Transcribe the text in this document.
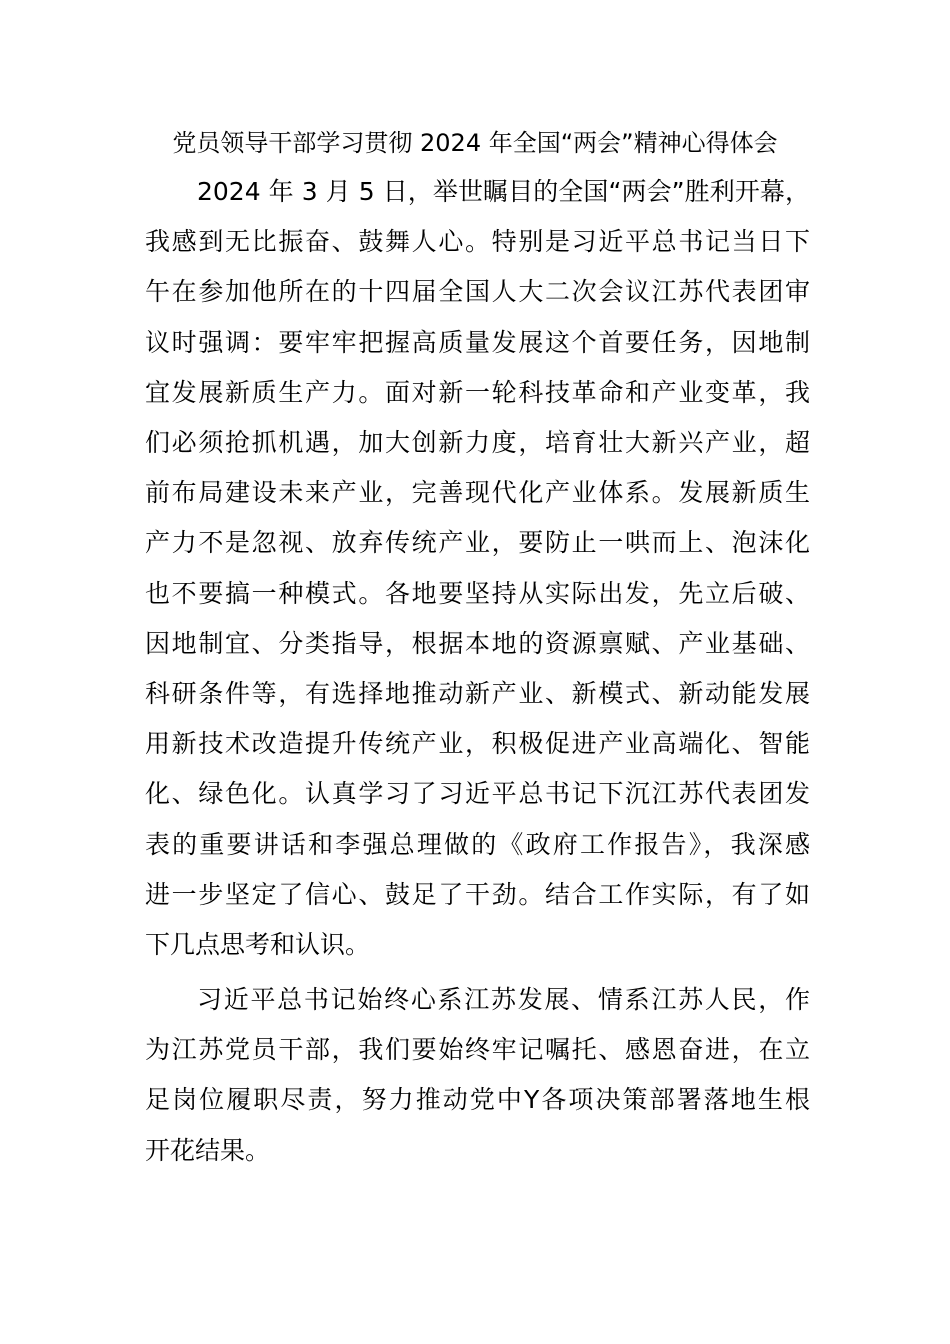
党员领导干部学习贯彻 2024 年全国“两会”精神心得体会
2024 年 3 月 5 日，举世瞩目的全国“两会”胜利开幕，
我感到无比振奋、鼓舞人心。特别是习近平总书记当日下
午在参加他所在的十四届全国人大二次会议江苏代表团审
议时强调：要牢牢把握高质量发展这个首要任务，因地制
宜发展新质生产力。面对新一轮科技革命和产业变革，我
们必须抢抓机遇，加大创新力度，培育壮大新兴产业，超
前布局建设未来产业，完善现代化产业体系。发展新质生
产力不是忽视、放弃传统产业，要防止一哄而上、泡沫化
也不要搞一种模式。各地要坚持从实际出发，先立后破、
因地制宜、分类指导，根据本地的资源禀赋、产业基础、
科研条件等，有选择地推动新产业、新模式、新动能发展
用新技术改造提升传统产业，积极促进产业高端化、智能
化、绿色化。认真学习了习近平总书记下沉江苏代表团发
表的重要讲话和李强总理做的《政府工作报告》，我深感
进一步坚定了信心、鼓足了干劲。结合工作实际，有了如
下几点思考和认识。
习近平总书记始终心系江苏发展、情系江苏人民，作
为江苏党员干部，我们要始终牢记嘱托、感恩奋进，在立
足岗位履职尽责，努力推动党中Y各项决策部署落地生根
开花结果。
